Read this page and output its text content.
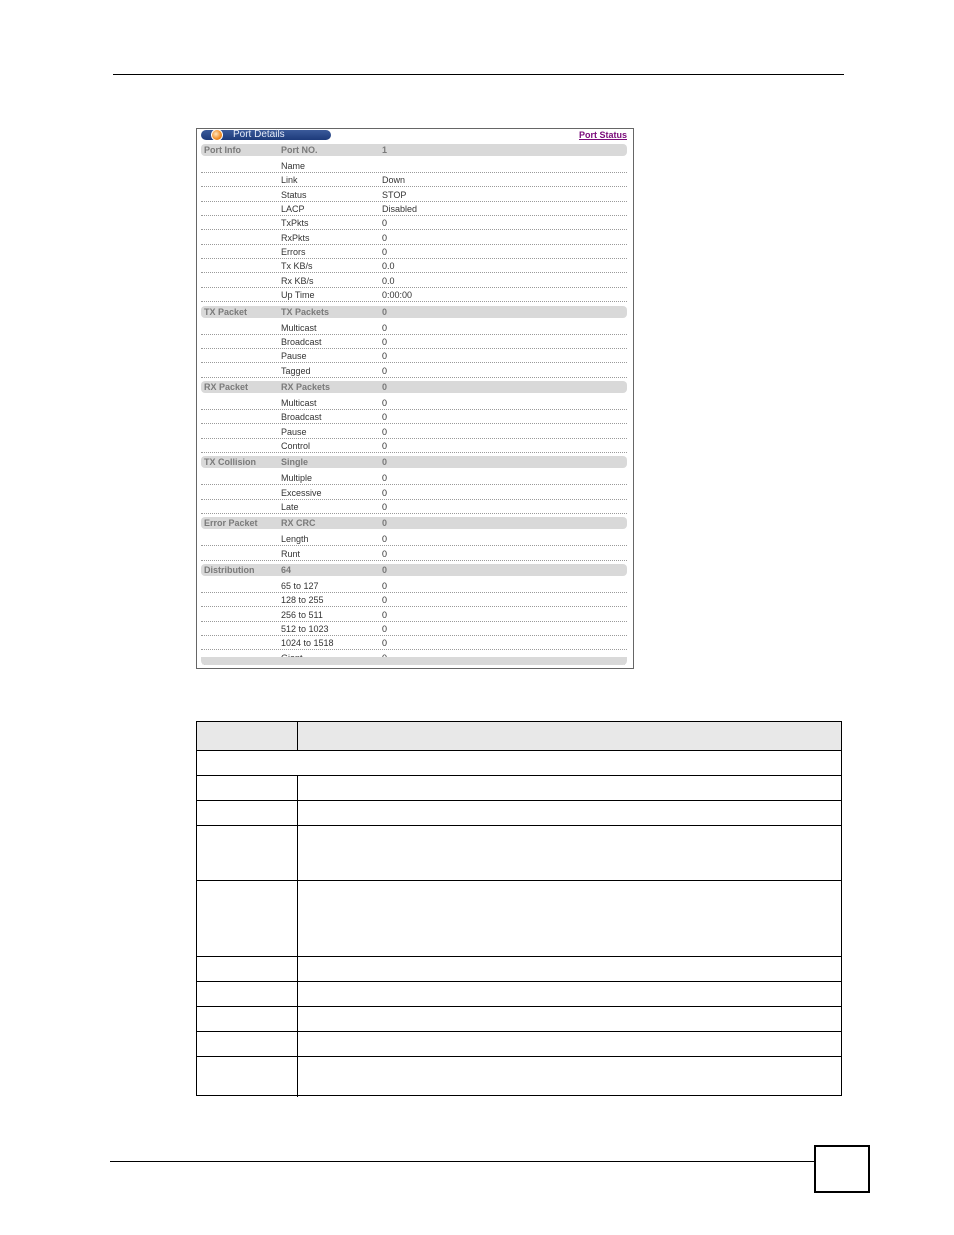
Port Details	Port Status
Port Info	Port NO.	1
Name
Link	Down
Status	STOP
LACP	Disabled
TxPkts	0
RxPkts	0
Errors	0
Tx KB/s	0.0
Rx KB/s	0.0
Up Time	0:00:00
TX Packet	TX Packets	0
Multicast	0
Broadcast	0
Pause	0
Tagged	0
RX Packet	RX Packets	0
Multicast	0
Broadcast	0
Pause	0
Control	0
TX Collision	Single	0
Multiple	0
Excessive	0
Late	0
Error Packet	RX CRC	0
Length	0
Runt	0
Distribution	64	0
65 to 127	0
128 to 255	0
256 to 511	0
512 to 1023	0
1024 to 1518	0
